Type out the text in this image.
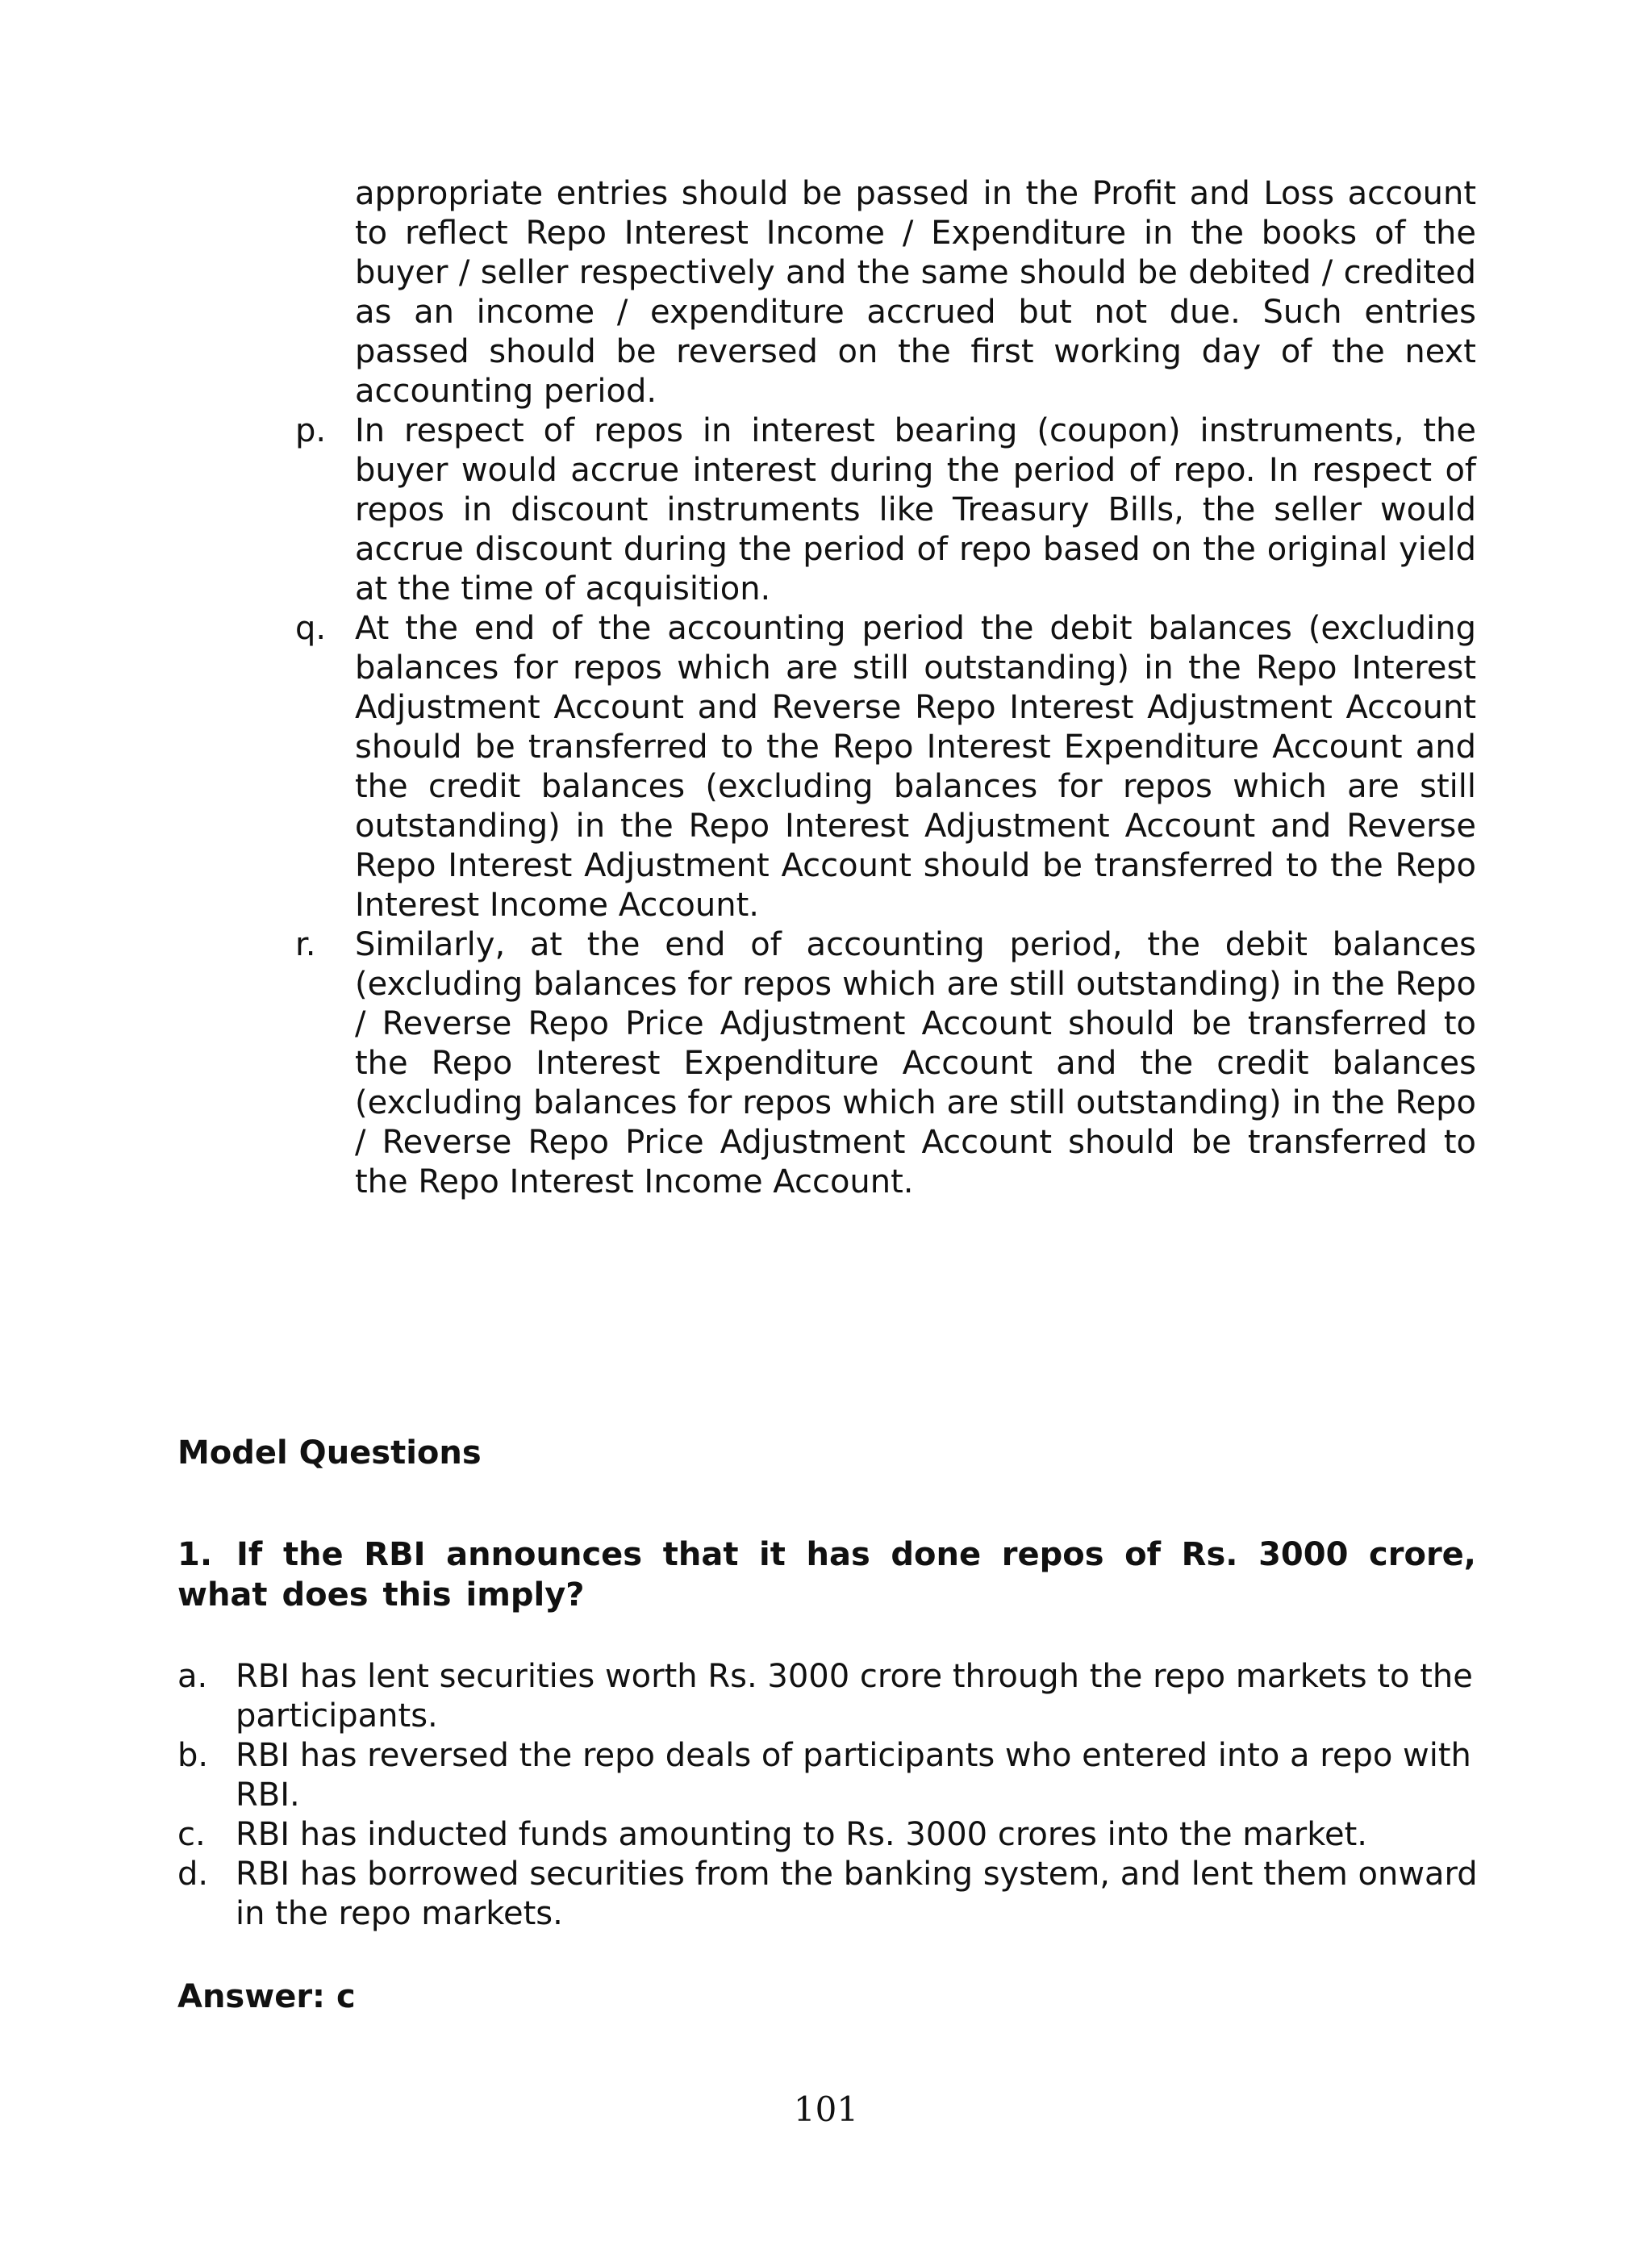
appropriate entries should be passed in the Profit and Loss account to reflect Repo Interest Income / Expenditure in the books of the buyer / seller respectively and the same should be debited / credited as an income / expenditure accrued but not due. Such entries passed should be reversed on the first working day of the next accounting period.

p. In respect of repos in interest bearing (coupon) instruments, the buyer would accrue interest during the period of repo. In respect of repos in discount instruments like Treasury Bills, the seller would accrue discount during the period of repo based on the original yield at the time of acquisition.
q. At the end of the accounting period the debit balances (excluding balances for repos which are still outstanding) in the Repo Interest Adjustment Account and Reverse Repo Interest Adjustment Account should be transferred to the Repo Interest Expenditure Account and the credit balances (excluding balances for repos which are still outstanding) in the Repo Interest Adjustment Account and Reverse Repo Interest Adjustment Account should be transferred to the Repo Interest Income Account.
r. Similarly, at the end of accounting period, the debit balances (excluding balances for repos which are still outstanding) in the Repo / Reverse Repo Price Adjustment Account should be transferred to the Repo Interest Expenditure Account and the credit balances (excluding balances for repos which are still outstanding) in the Repo / Reverse Repo Price Adjustment Account should be transferred to the Repo Interest Income Account.
Model Questions

1. If the RBI announces that it has done repos of Rs. 3000 crore, what does this imply?

a. RBI has lent securities worth Rs. 3000 crore through the repo markets to the participants.
b. RBI has reversed the repo deals of participants who entered into a repo with RBI.
c. RBI has inducted funds amounting to Rs. 3000 crores into the market.
d. RBI has borrowed securities from the banking system, and lent them onward in the repo markets.

Answer: c

101
